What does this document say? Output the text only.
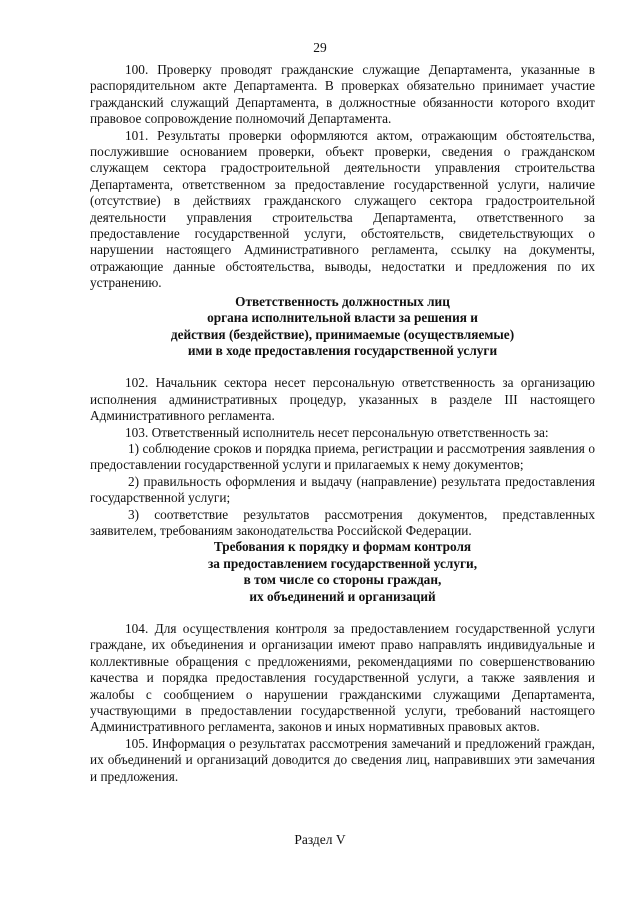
29

100. Проверку проводят гражданские служащие Департамента, указанные в распорядительном акте Департамента. В проверках обязательно принимает участие гражданский служащий Департамента, в должностные обязанности которого входит правовое сопровождение полномочий Департамента.

101. Результаты проверки оформляются актом, отражающим обстоятельства, послужившие основанием проверки, объект проверки, сведения о гражданском служащем сектора градостроительной деятельности управления строительства Департамента, ответственном за предоставление государственной услуги, наличие (отсутствие) в действиях гражданского служащего сектора градостроительной деятельности управления строительства Департамента, ответственного за предоставление государственной услуги, обстоятельств, свидетельствующих о нарушении настоящего Административного регламента, ссылку на документы, отражающие данные обстоятельства, выводы, недостатки и предложения по их устранению.

Ответственность должностных лиц
органа исполнительной власти за решения и
действия (бездействие), принимаемые (осуществляемые)
ими в ходе предоставления государственной услуги

102. Начальник сектора несет персональную ответственность за организацию исполнения административных процедур, указанных в разделе III настоящего Административного регламента.

103. Ответственный исполнитель несет персональную ответственность за:

1) соблюдение сроков и порядка приема, регистрации и рассмотрения заявления о предоставлении государственной услуги и прилагаемых к нему документов;

2) правильность оформления и выдачу (направление) результата предоставления государственной услуги;

3) соответствие результатов рассмотрения документов, представленных заявителем, требованиям законодательства Российской Федерации.

Требования к порядку и формам контроля
за предоставлением государственной услуги,
в том числе со стороны граждан,
их объединений и организаций

104. Для осуществления контроля за предоставлением государственной услуги граждане, их объединения и организации имеют право направлять индивидуальные и коллективные обращения с предложениями, рекомендациями по совершенствованию качества и порядка предоставления государственной услуги, а также заявления и жалобы с сообщением о нарушении гражданскими служащими Департамента, участвующими в предоставлении государственной услуги, требований настоящего Административного регламента, законов и иных нормативных правовых актов.

105. Информация о результатах рассмотрения замечаний и предложений граждан, их объединений и организаций доводится до сведения лиц, направивших эти замечания и предложения.

Раздел V
